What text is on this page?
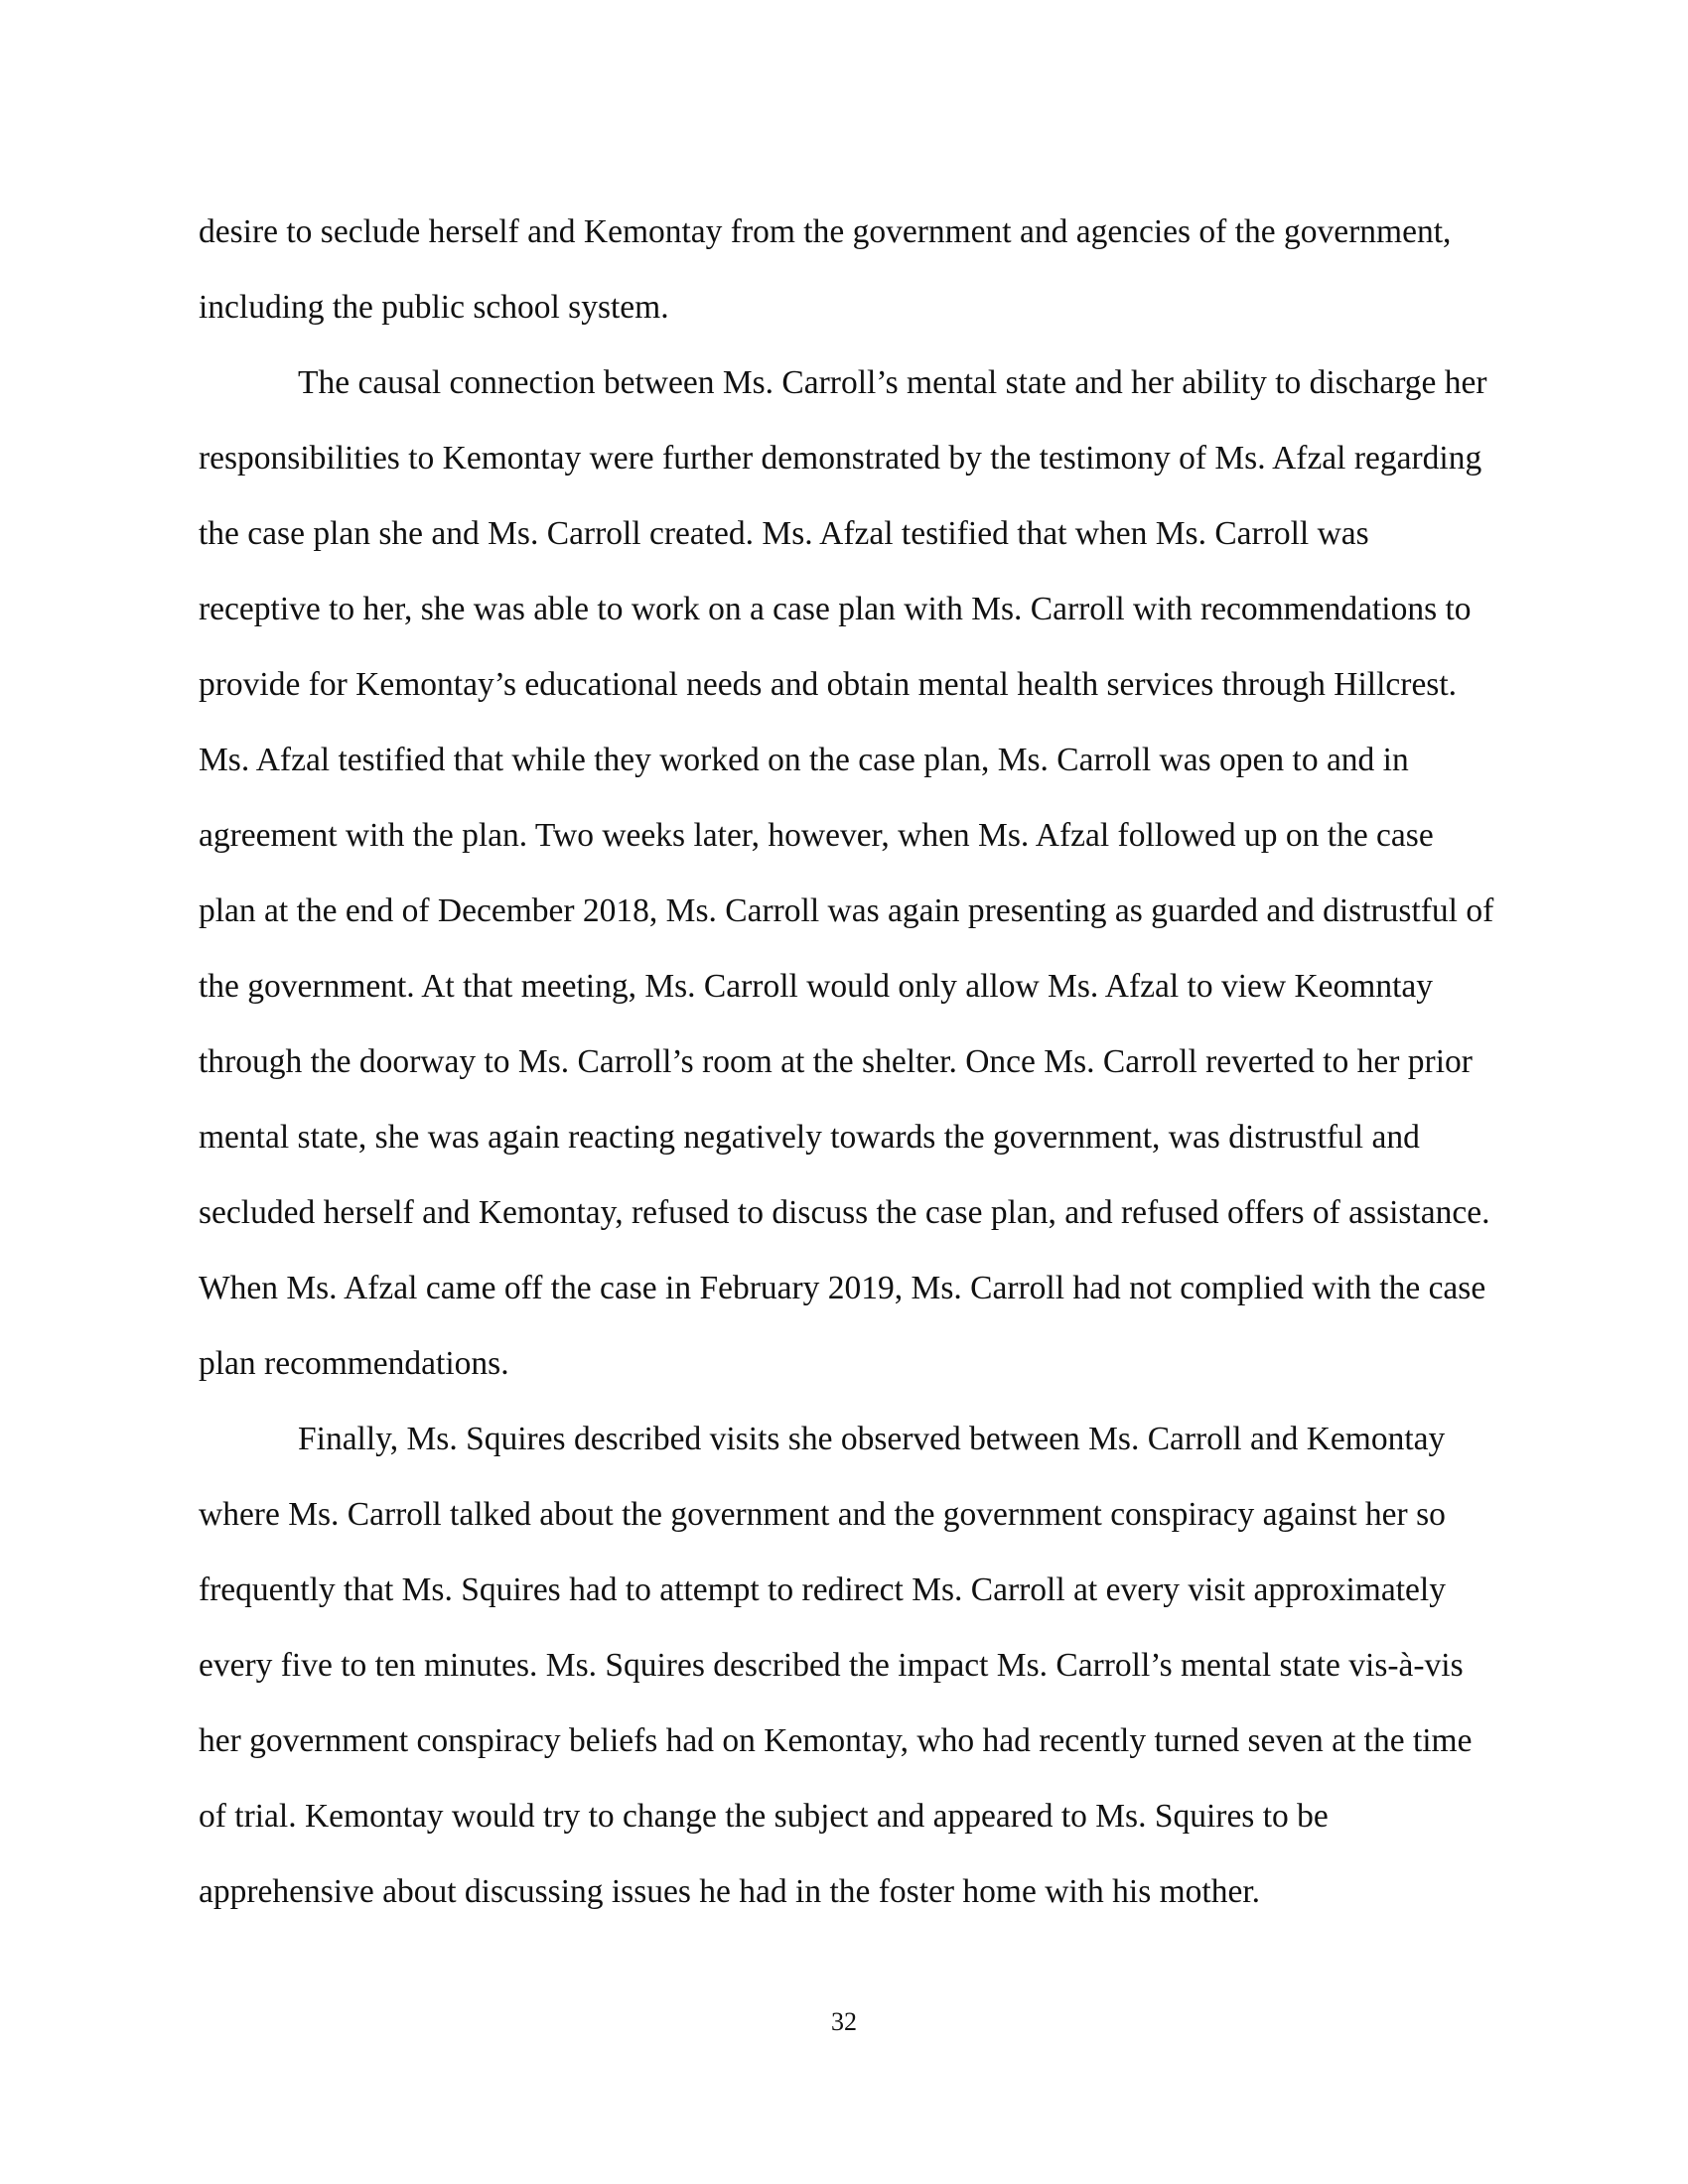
desire to seclude herself and Kemontay from the government and agencies of the government,
including the public school system.

The causal connection between Ms. Carroll’s mental state and her ability to discharge her
responsibilities to Kemontay were further demonstrated by the testimony of Ms. Afzal regarding
the case plan she and Ms. Carroll created. Ms. Afzal testified that when Ms. Carroll was
receptive to her, she was able to work on a case plan with Ms. Carroll with recommendations to
provide for Kemontay’s educational needs and obtain mental health services through Hillcrest.
Ms. Afzal testified that while they worked on the case plan, Ms. Carroll was open to and in
agreement with the plan. Two weeks later, however, when Ms. Afzal followed up on the case
plan at the end of December 2018, Ms. Carroll was again presenting as guarded and distrustful of
the government. At that meeting, Ms. Carroll would only allow Ms. Afzal to view Keomntay
through the doorway to Ms. Carroll’s room at the shelter. Once Ms. Carroll reverted to her prior
mental state, she was again reacting negatively towards the government, was distrustful and
secluded herself and Kemontay, refused to discuss the case plan, and refused offers of assistance.
When Ms. Afzal came off the case in February 2019, Ms. Carroll had not complied with the case
plan recommendations.

Finally, Ms. Squires described visits she observed between Ms. Carroll and Kemontay
where Ms. Carroll talked about the government and the government conspiracy against her so
frequently that Ms. Squires had to attempt to redirect Ms. Carroll at every visit approximately
every five to ten minutes. Ms. Squires described the impact Ms. Carroll’s mental state vis-à-vis
her government conspiracy beliefs had on Kemontay, who had recently turned seven at the time
of trial. Kemontay would try to change the subject and appeared to Ms. Squires to be
apprehensive about discussing issues he had in the foster home with his mother.

32
